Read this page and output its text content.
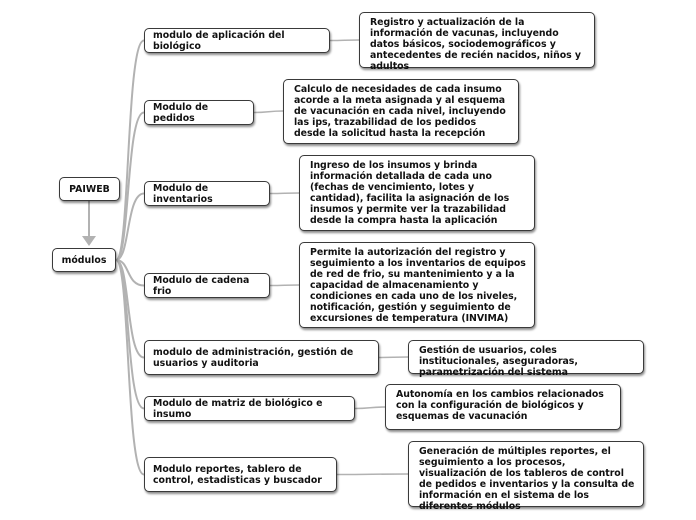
PAIWEB
módulos
modulo de aplicación del biológico
Modulo de pedidos
Modulo de inventarios
Modulo de cadena frio
modulo de administración, gestión de usuarios y auditoria
Modulo de matriz de biológico e insumo
Modulo reportes, tablero de control, estadisticas y buscador
Registro y actualización de la información de vacunas, incluyendo datos básicos, sociodemográficos y antecedentes de recién nacidos, niños y adultos
Calculo de necesidades de cada insumo acorde a la meta asignada y al esquema de vacunación en cada nivel, incluyendo las ips, trazabilidad de los pedidos desde la solicitud hasta la recepción
Ingreso de los insumos y brinda información detallada de cada uno (fechas de vencimiento, lotes y cantidad), facilita la asignación de los insumos y permite ver la trazabilidad desde la compra hasta la aplicación
Permite la autorización del registro y seguimiento a los inventarios de equipos de red de frio, su mantenimiento y a la capacidad de almacenamiento y condiciones en cada uno de los niveles, notificación, gestión y seguimiento de excursiones de temperatura (INVIMA)
Gestión de usuarios, coles institucionales, aseguradoras, parametrización del sistema
Autonomía en los cambios relacionados con la configuración de biológicos y esquemas de vacunación
Generación de múltiples reportes, el seguimiento a los procesos, visualización de los tableros de control de pedidos e inventarios y la consulta de información en el sistema de los diferentes módulos
